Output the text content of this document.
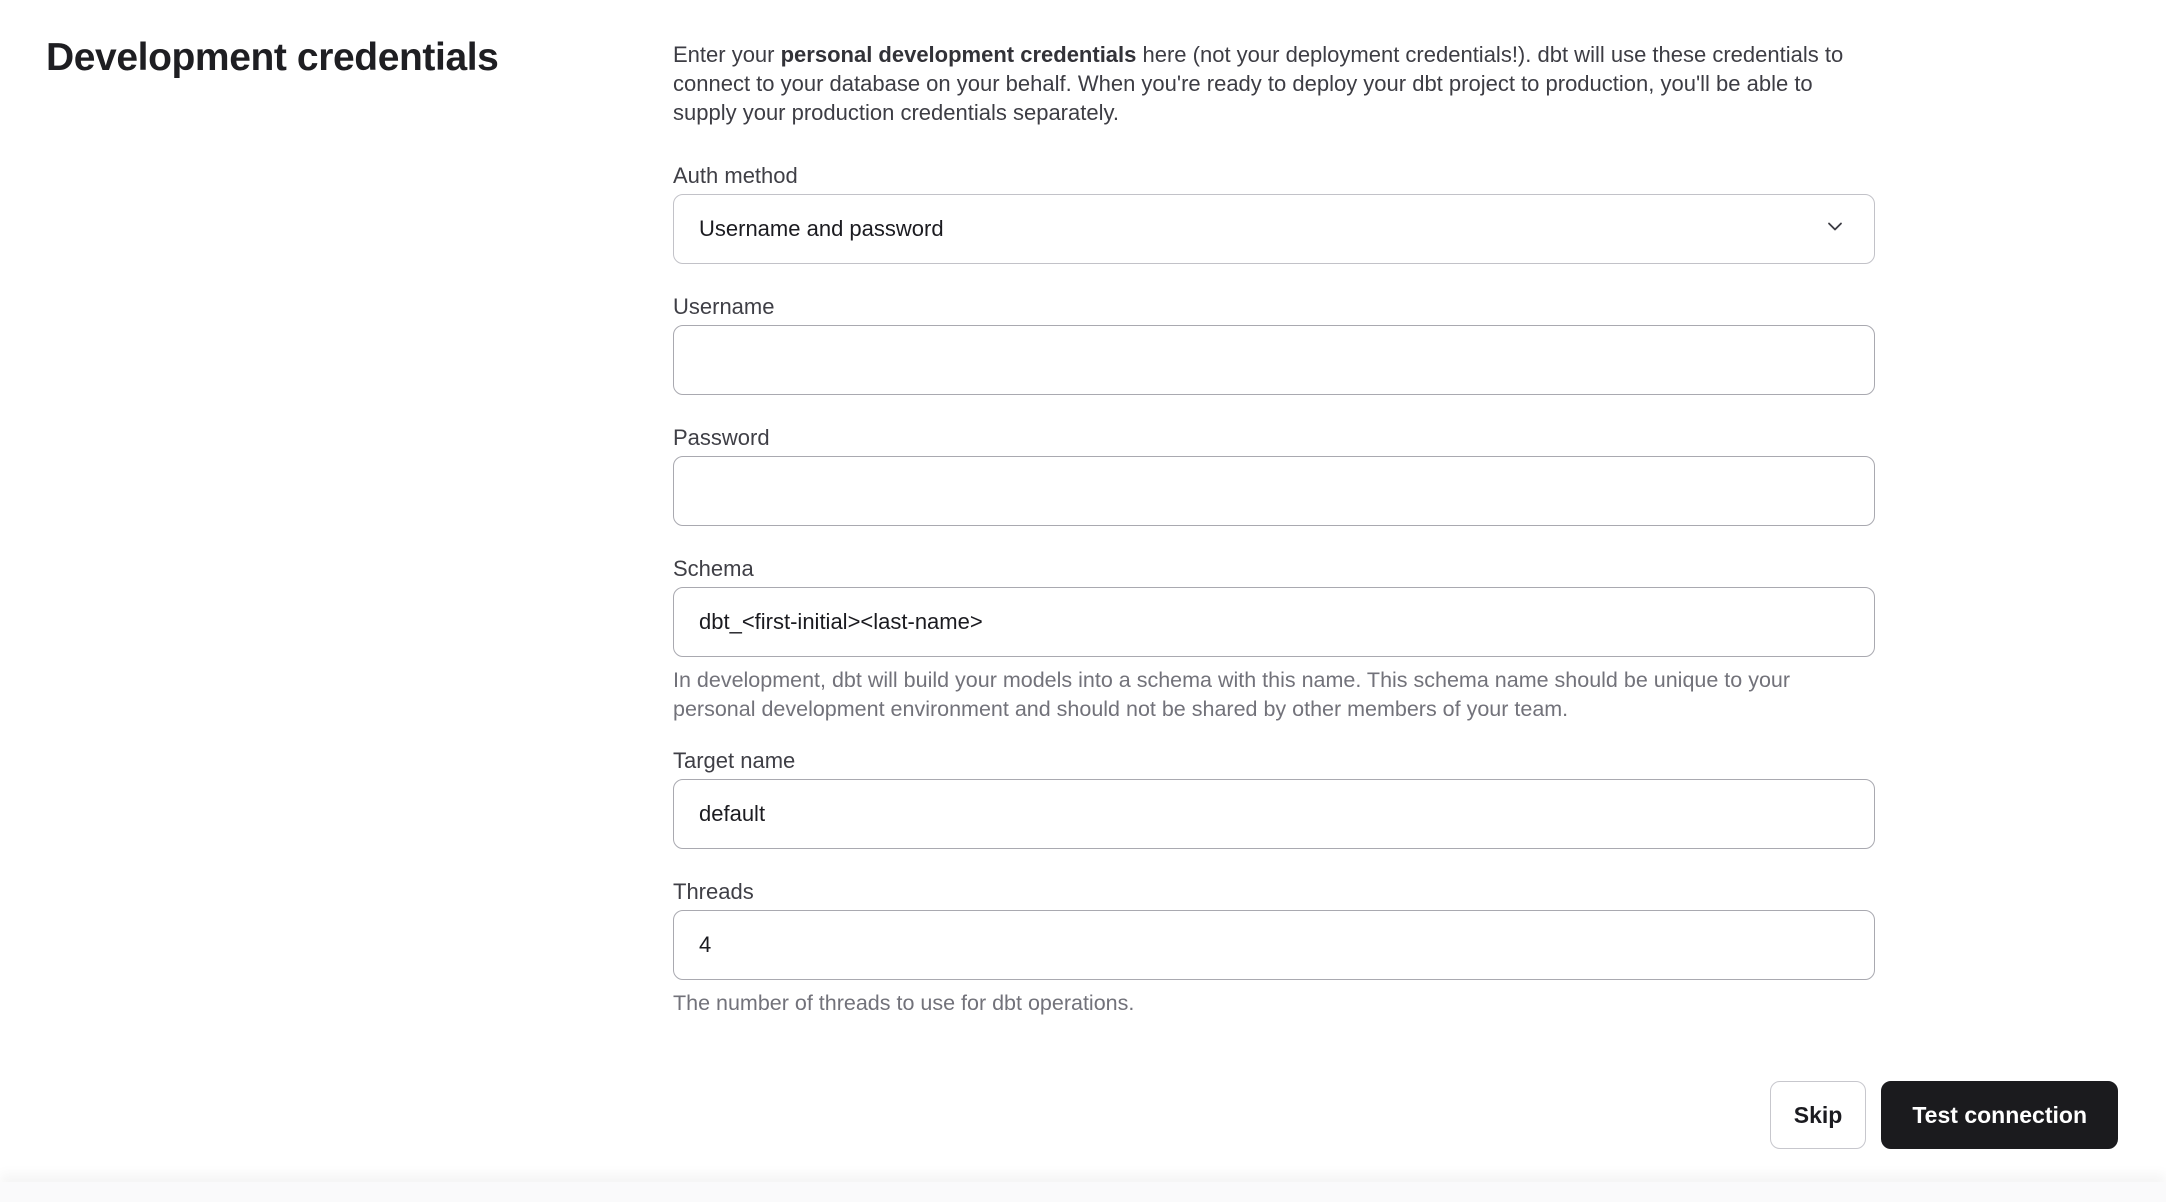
Development credentials	Enter your personal development credentials here (not your deployment credentials!). dbt will use these credentials to connect to your database on your behalf. When you're ready to deploy your dbt project to production, you'll be able to supply your production credentials separately.

Auth method
Username and password
Username
Password
Schema
dbt_<first-initial><last-name>
In development, dbt will build your models into a schema with this name. This schema name should be unique to your personal development environment and should not be shared by other members of your team.
Target name
default
Threads
4
The number of threads to use for dbt operations.
Skip	Test connection
